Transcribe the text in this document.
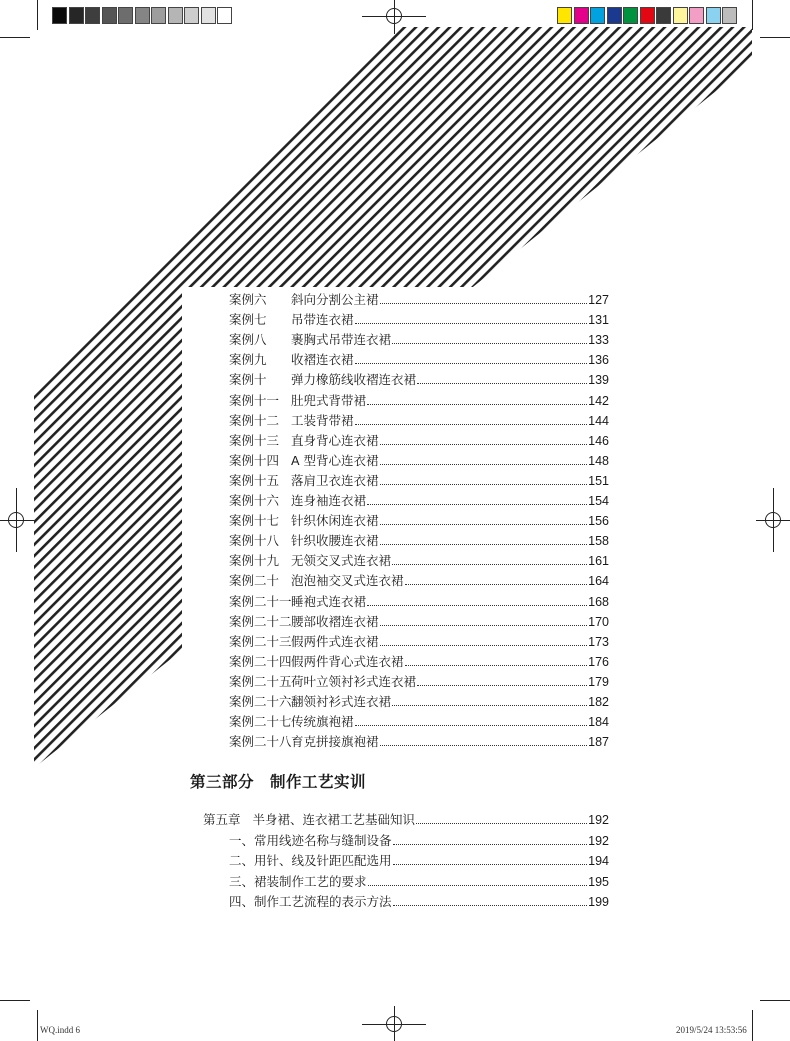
案例六	斜向分割公主裙	127
案例七	吊带连衣裙	131
案例八	裹胸式吊带连衣裙	133
案例九	收褶连衣裙	136
案例十	弹力橡筋线收褶连衣裙	139
案例十一 肚兜式背带裙	142
案例十二 工装背带裙	144
案例十三 直身背心连衣裙	146
案例十四 A 型背心连衣裙	148
案例十五 落肩卫衣连衣裙	151
案例十六 连身袖连衣裙	154
案例十七 针织休闲连衣裙	156
案例十八 针织收腰连衣裙	158
案例十九 无领交叉式连衣裙	161
案例二十 泡泡袖交叉式连衣裙	164
案例二十一 睡袍式连衣裙	168
案例二十二 腰部收褶连衣裙	170
案例二十三 假两件式连衣裙	173
案例二十四 假两件背心式连衣裙	176
案例二十五 荷叶立领衬衫式连衣裙	179
案例二十六 翻领衬衫式连衣裙	182
案例二十七 传统旗袍裙	184
案例二十八 育克拼接旗袍裙	187
第三部分 制作工艺实训
第五章 半身裙、连衣裙工艺基础知识	192
一、常用线迹名称与缝制设备	192
二、用针、线及针距匹配选用	194
三、裙装制作工艺的要求	195
四、制作工艺流程的表示方法	199
WQ.indd 6	2019/5/24 13:53:56
